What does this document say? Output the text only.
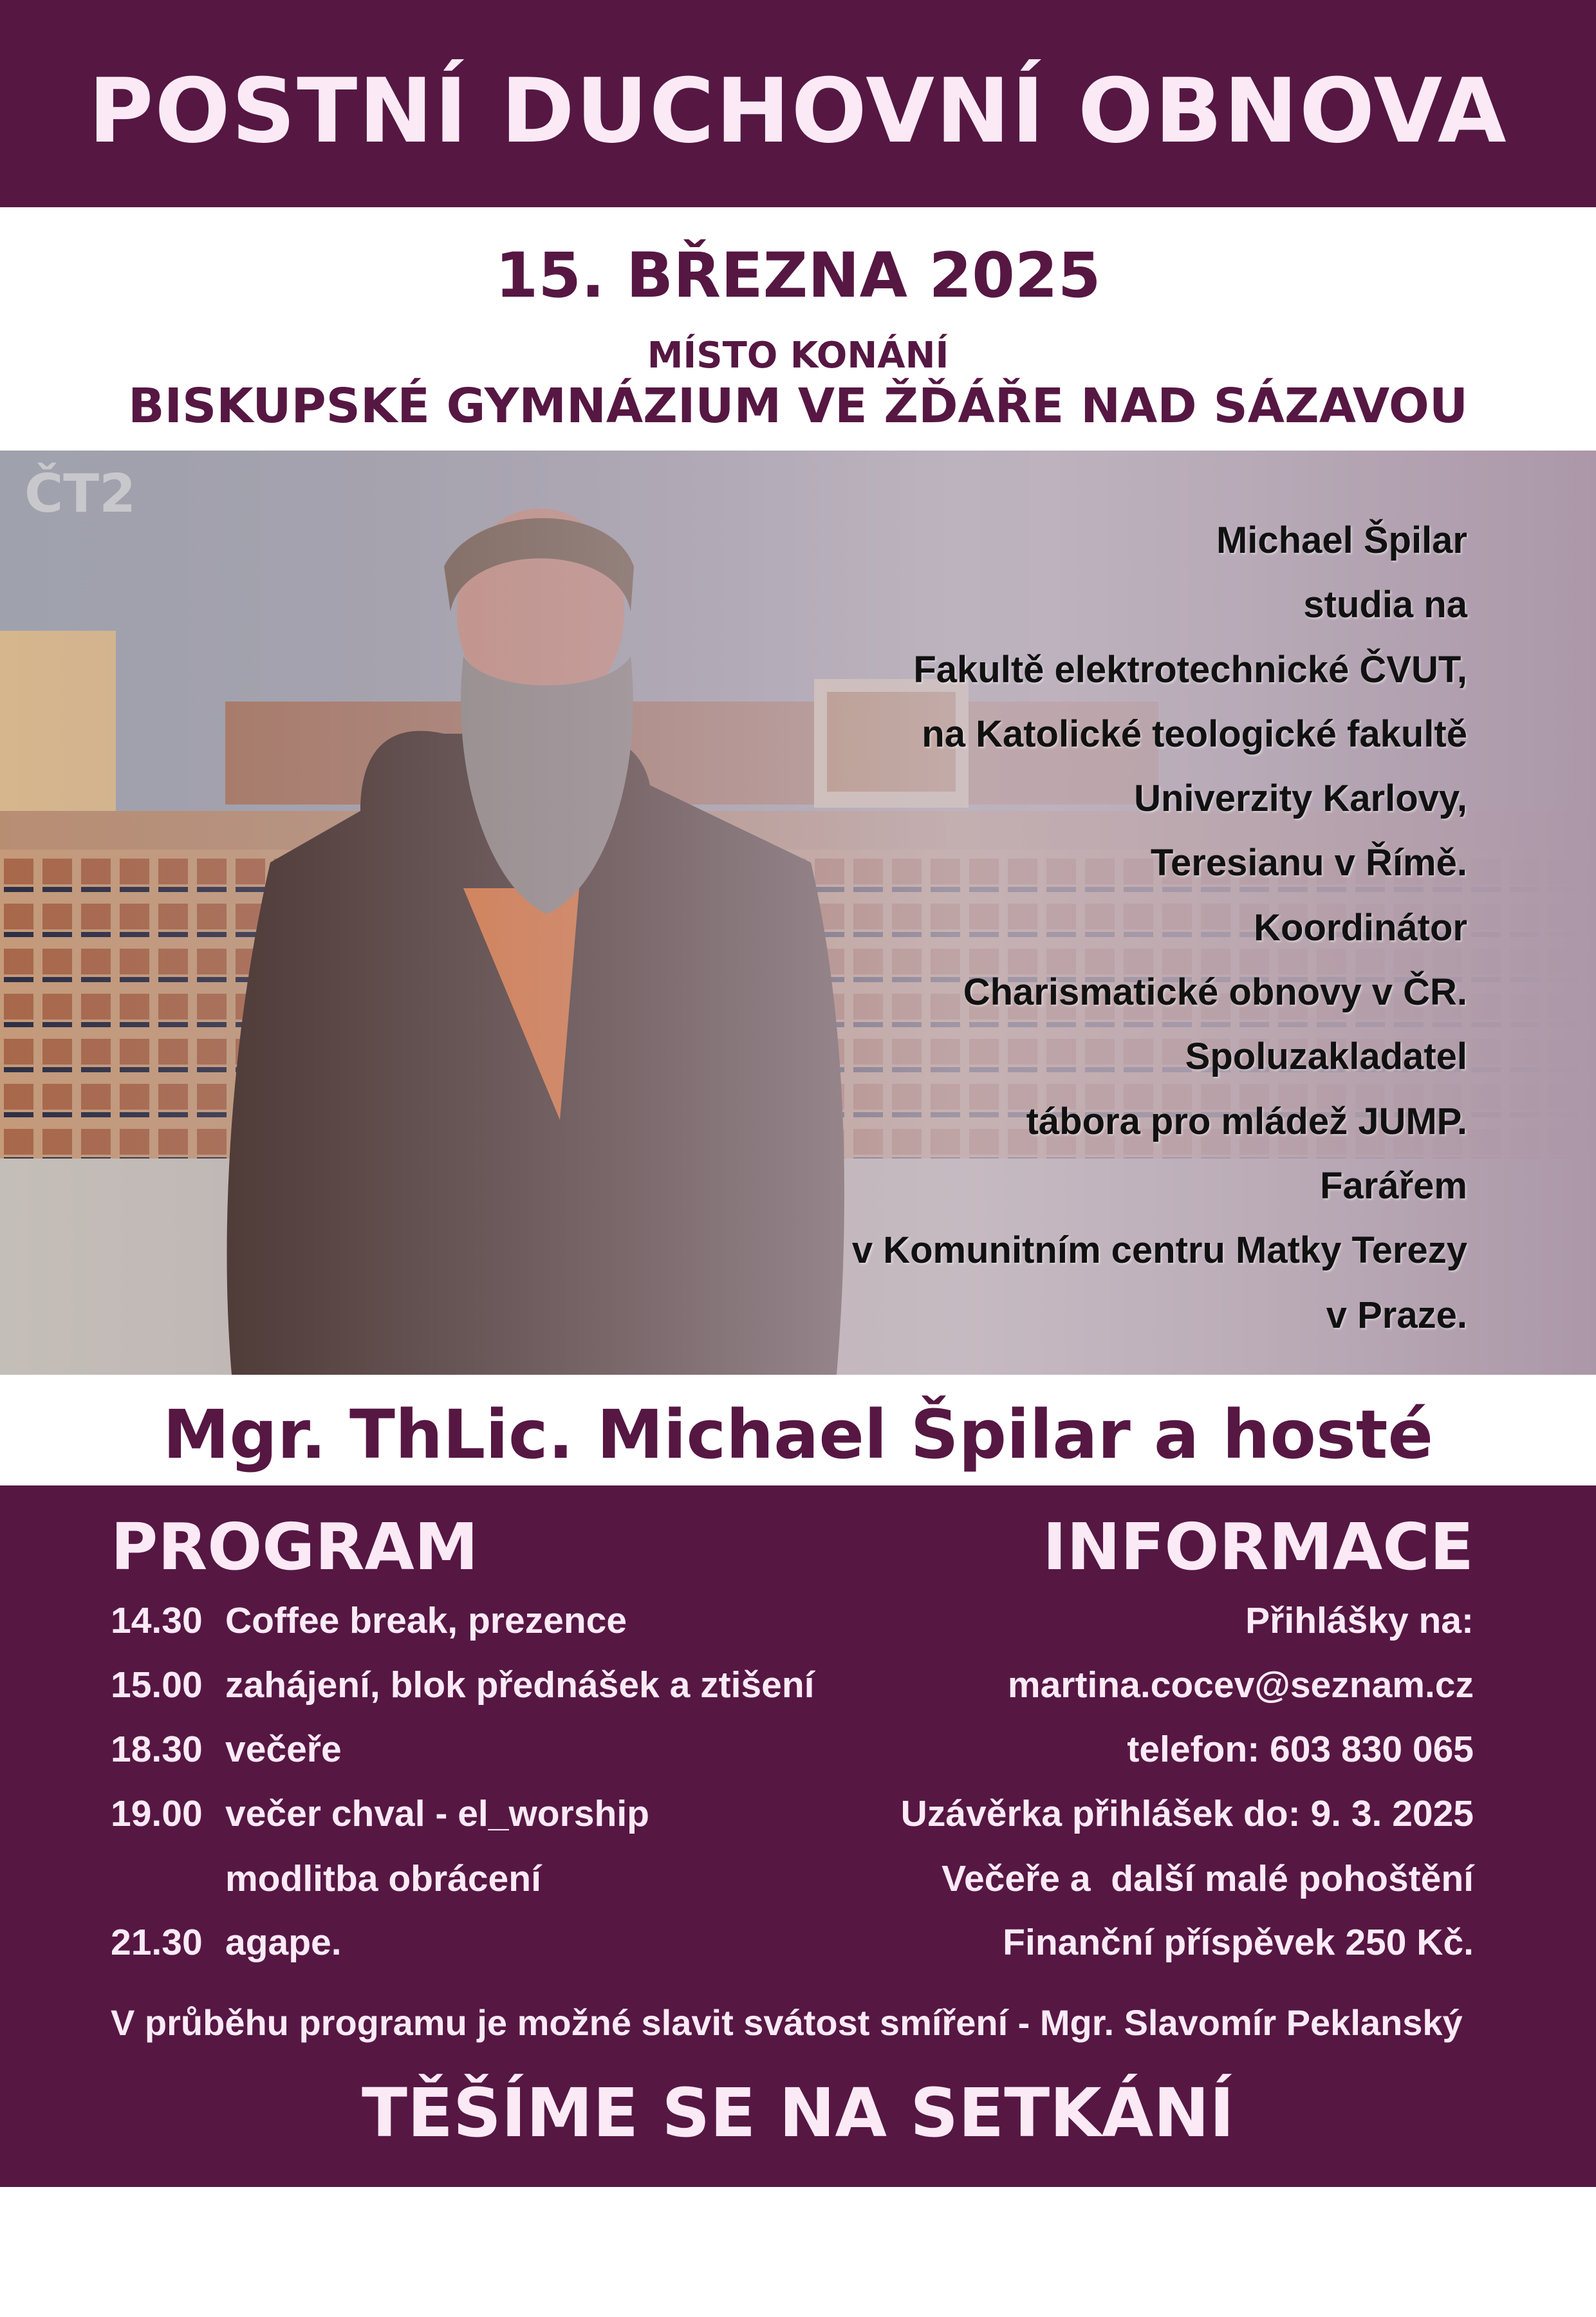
POSTNÍ DUCHOVNÍ OBNOVA
15. BŘEZNA 2025
MÍSTO KONÁNÍ
BISKUPSKÉ GYMNÁZIUM VE ŽĎÁŘE NAD SÁZAVOU
ČT2
Michael Špilar
studia na
Fakultě elektrotechnické ČVUT,
na Katolické teologické fakultě
Univerzity Karlovy,
Teresianu v Římě.
Koordinátor
Charismatické obnovy v ČR.
Spoluzakladatel
tábora pro mládež JUMP.
Farářem
v Komunitním centru Matky Terezy
v Praze.
Mgr. ThLic. Michael Špilar a hosté
PROGRAM	INFORMACE
14.30 Coffee break, prezence
15.00 zahájení, blok přednášek a ztišení
18.30 večeře
19.00 večer chval - el_worship
modlitba obrácení
21.30 agape.
Přihlášky na:
martina.cocev@seznam.cz
telefon: 603 830 065
Uzávěrka přihlášek do: 9. 3. 2025
Večeře a  další malé pohoštění
Finanční příspěvek 250 Kč.
V průběhu programu je možné slavit svátost smíření - Mgr. Slavomír Peklanský
TĚŠÍME SE NA SETKÁNÍ
